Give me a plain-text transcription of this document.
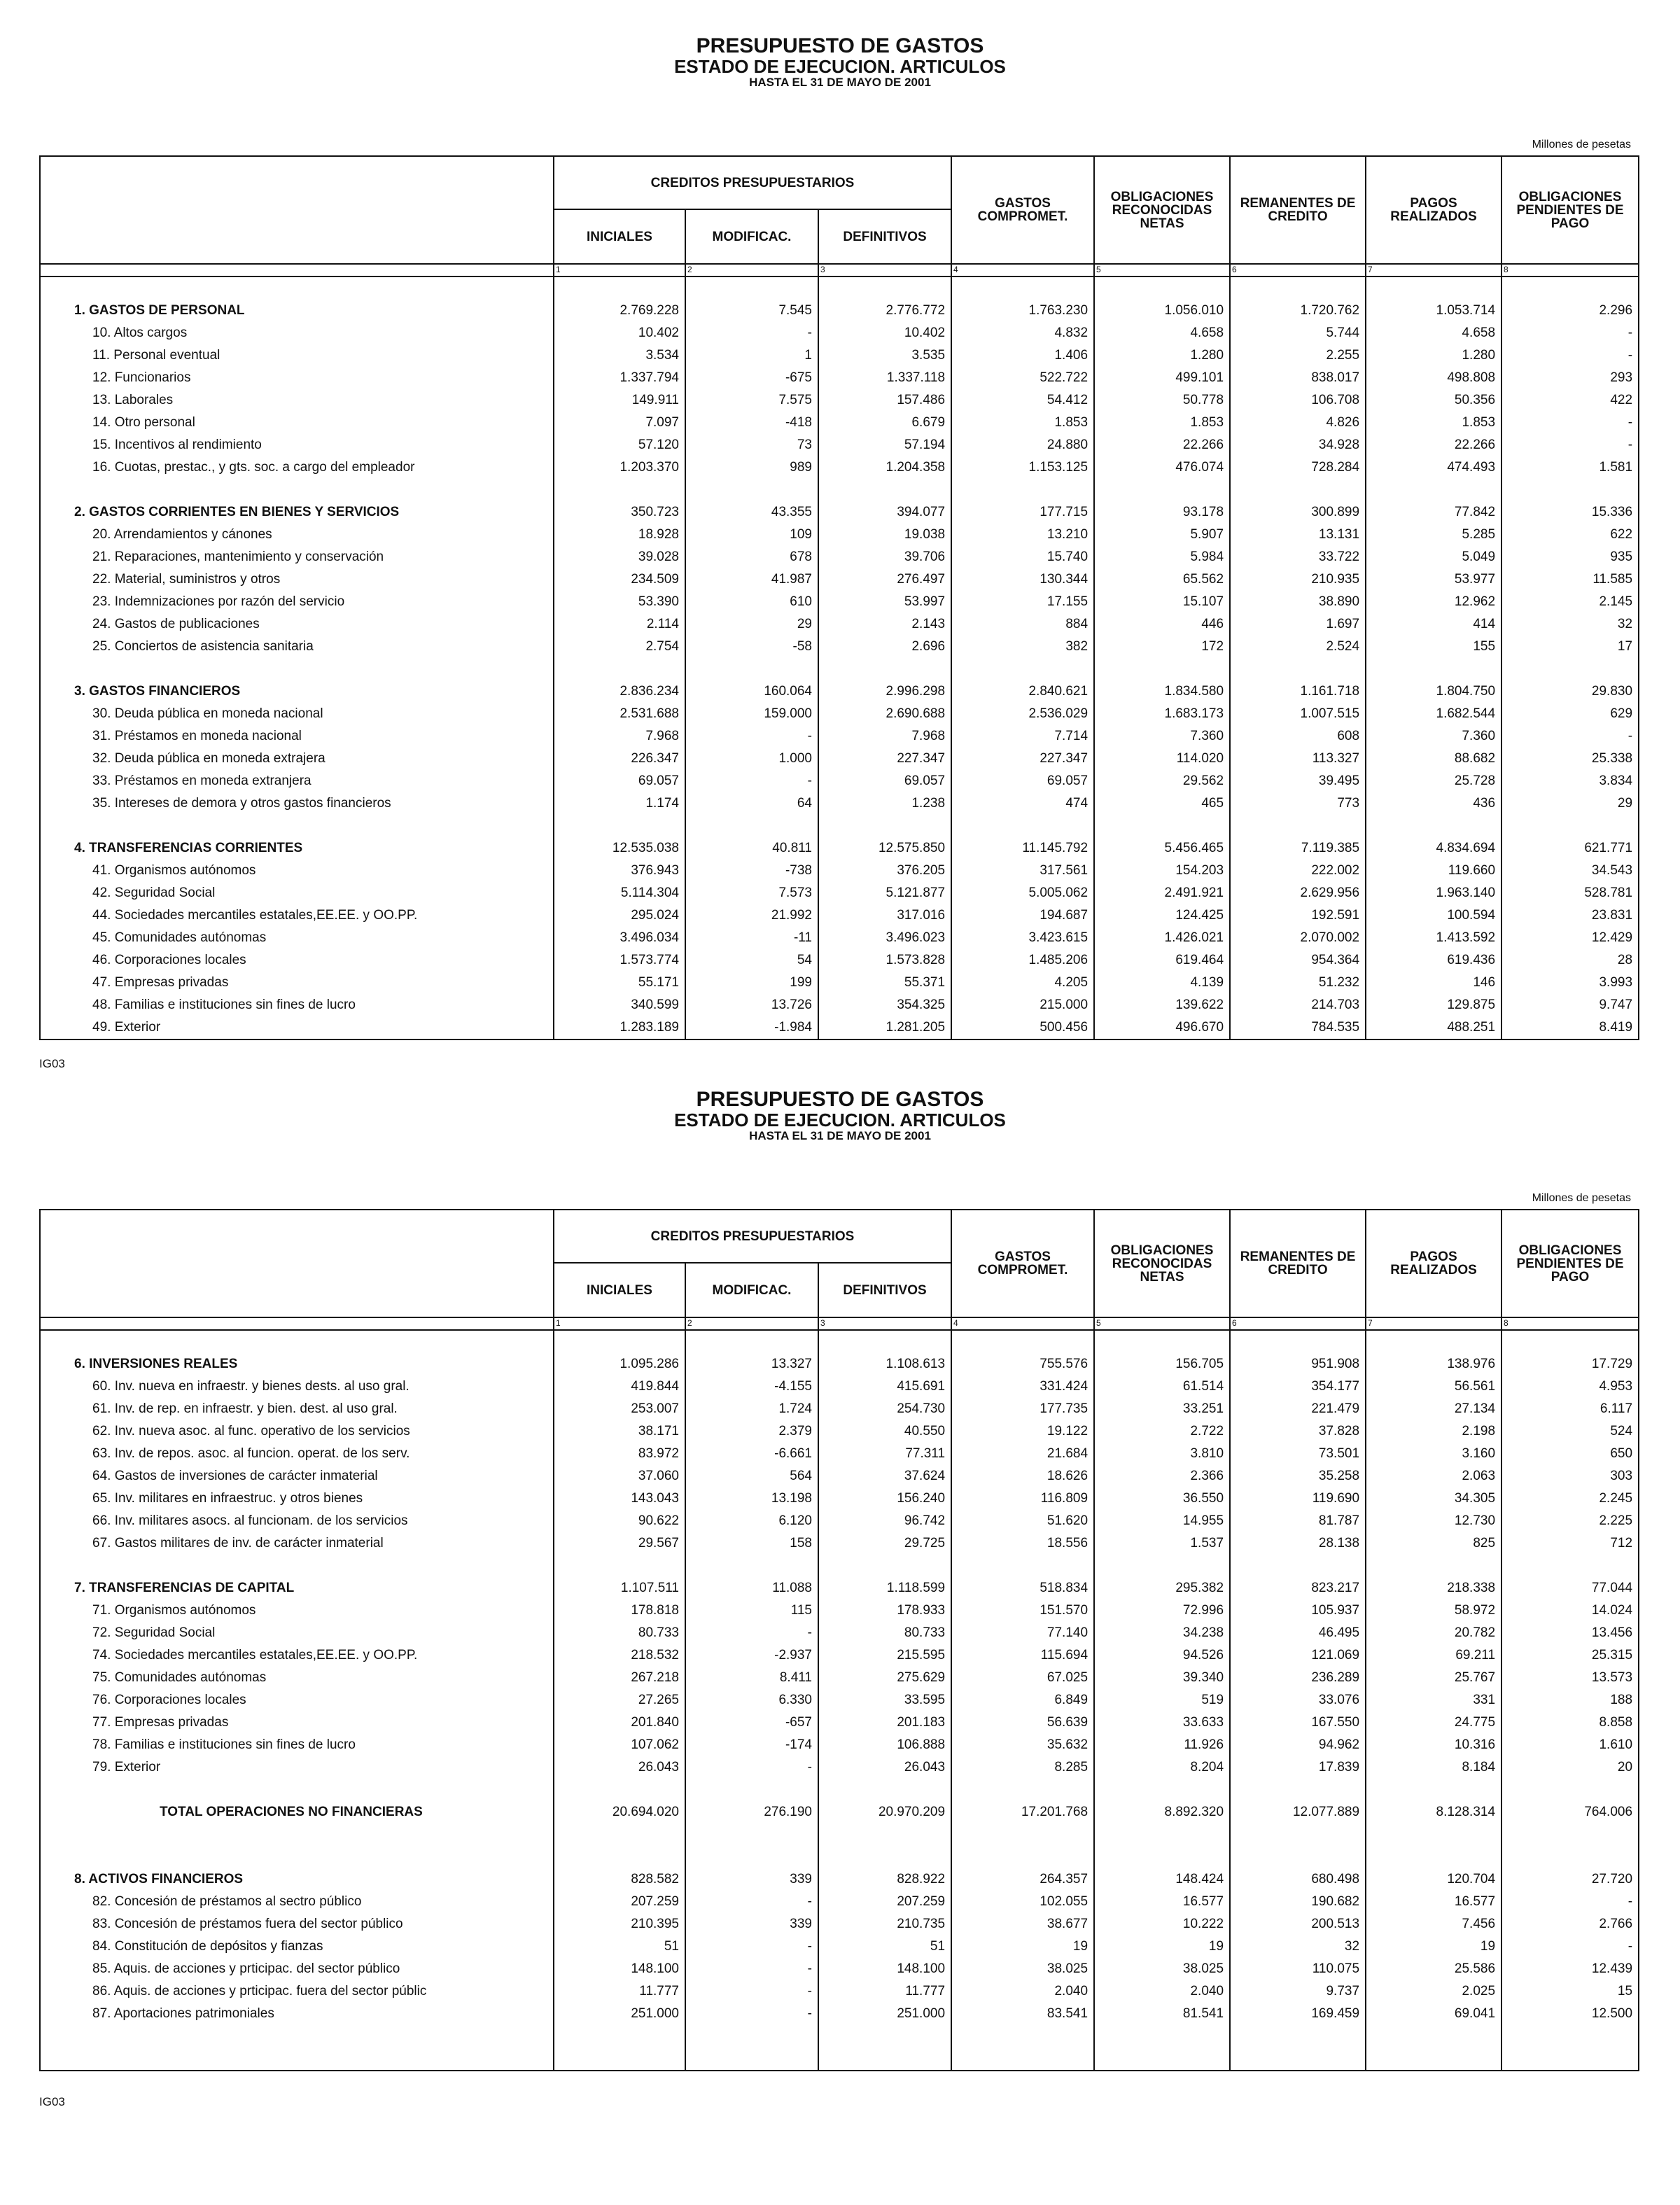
PRESUPUESTO DE GASTOS
ESTADO DE EJECUCION. ARTICULOS
HASTA EL 31 DE MAYO DE 2001
Millones de pesetas
	CREDITOS PRESUPUESTARIOS			GASTOS COMPROMET.	OBLIGACIONES RECONOCIDAS NETAS	REMANENTES DE CREDITO	PAGOS REALIZADOS	OBLIGACIONES PENDIENTES DE PAGO
	INICIALES	MODIFICAC.	DEFINITIVOS					
	1	2	3	4	5	6	7	8

1. GASTOS DE PERSONAL	2.769.228	7.545	2.776.772	1.763.230	1.056.010	1.720.762	1.053.714	2.296
10. Altos cargos	10.402	-	10.402	4.832	4.658	5.744	4.658	-
11. Personal eventual	3.534	1	3.535	1.406	1.280	2.255	1.280	-
12. Funcionarios	1.337.794	-675	1.337.118	522.722	499.101	838.017	498.808	293
13. Laborales	149.911	7.575	157.486	54.412	50.778	106.708	50.356	422
14. Otro personal	7.097	-418	6.679	1.853	1.853	4.826	1.853	-
15. Incentivos al rendimiento	57.120	73	57.194	24.880	22.266	34.928	22.266	-
16. Cuotas, prestac., y gts. soc. a cargo del empleador	1.203.370	989	1.204.358	1.153.125	476.074	728.284	474.493	1.581

2. GASTOS CORRIENTES EN BIENES Y SERVICIOS	350.723	43.355	394.077	177.715	93.178	300.899	77.842	15.336
20. Arrendamientos y cánones	18.928	109	19.038	13.210	5.907	13.131	5.285	622
21. Reparaciones, mantenimiento y conservación	39.028	678	39.706	15.740	5.984	33.722	5.049	935
22. Material, suministros y otros	234.509	41.987	276.497	130.344	65.562	210.935	53.977	11.585
23. Indemnizaciones por razón del servicio	53.390	610	53.997	17.155	15.107	38.890	12.962	2.145
24. Gastos de publicaciones	2.114	29	2.143	884	446	1.697	414	32
25. Conciertos de asistencia sanitaria	2.754	-58	2.696	382	172	2.524	155	17

3. GASTOS FINANCIEROS	2.836.234	160.064	2.996.298	2.840.621	1.834.580	1.161.718	1.804.750	29.830
30. Deuda pública en moneda nacional	2.531.688	159.000	2.690.688	2.536.029	1.683.173	1.007.515	1.682.544	629
31. Préstamos en moneda nacional	7.968	-	7.968	7.714	7.360	608	7.360	-
32. Deuda pública en moneda extrajera	226.347	1.000	227.347	227.347	114.020	113.327	88.682	25.338
33. Préstamos en moneda extranjera	69.057	-	69.057	69.057	29.562	39.495	25.728	3.834
35. Intereses de demora y otros gastos financieros	1.174	64	1.238	474	465	773	436	29

4. TRANSFERENCIAS CORRIENTES	12.535.038	40.811	12.575.850	11.145.792	5.456.465	7.119.385	4.834.694	621.771
41. Organismos autónomos	376.943	-738	376.205	317.561	154.203	222.002	119.660	34.543
42. Seguridad Social	5.114.304	7.573	5.121.877	5.005.062	2.491.921	2.629.956	1.963.140	528.781
44. Sociedades mercantiles estatales,EE.EE. y OO.PP.	295.024	21.992	317.016	194.687	124.425	192.591	100.594	23.831
45. Comunidades autónomas	3.496.034	-11	3.496.023	3.423.615	1.426.021	2.070.002	1.413.592	12.429
46. Corporaciones locales	1.573.774	54	1.573.828	1.485.206	619.464	954.364	619.436	28
47. Empresas privadas	55.171	199	55.371	4.205	4.139	51.232	146	3.993
48. Familias e instituciones sin fines de lucro	340.599	13.726	354.325	215.000	139.622	214.703	129.875	9.747
49. Exterior	1.283.189	-1.984	1.281.205	500.456	496.670	784.535	488.251	8.419
IG03
PRESUPUESTO DE GASTOS
ESTADO DE EJECUCION. ARTICULOS
HASTA EL 31 DE MAYO DE 2001
Millones de pesetas
	CREDITOS PRESUPUESTARIOS			GASTOS COMPROMET.	OBLIGACIONES RECONOCIDAS NETAS	REMANENTES DE CREDITO	PAGOS REALIZADOS	OBLIGACIONES PENDIENTES DE PAGO
	INICIALES	MODIFICAC.	DEFINITIVOS					
	1	2	3	4	5	6	7	8

6. INVERSIONES REALES	1.095.286	13.327	1.108.613	755.576	156.705	951.908	138.976	17.729
60. Inv. nueva en infraestr. y bienes dests. al uso gral.	419.844	-4.155	415.691	331.424	61.514	354.177	56.561	4.953
61. Inv. de rep. en infraestr. y bien. dest. al uso gral.	253.007	1.724	254.730	177.735	33.251	221.479	27.134	6.117
62. Inv. nueva asoc. al func. operativo de los servicios	38.171	2.379	40.550	19.122	2.722	37.828	2.198	524
63. Inv. de repos. asoc. al funcion. operat. de los serv.	83.972	-6.661	77.311	21.684	3.810	73.501	3.160	650
64. Gastos de inversiones de carácter inmaterial	37.060	564	37.624	18.626	2.366	35.258	2.063	303
65. Inv. militares en infraestruc. y otros bienes	143.043	13.198	156.240	116.809	36.550	119.690	34.305	2.245
66. Inv. militares asocs. al funcionam. de los servicios	90.622	6.120	96.742	51.620	14.955	81.787	12.730	2.225
67. Gastos militares de inv. de carácter inmaterial	29.567	158	29.725	18.556	1.537	28.138	825	712

7. TRANSFERENCIAS DE CAPITAL	1.107.511	11.088	1.118.599	518.834	295.382	823.217	218.338	77.044
71. Organismos autónomos	178.818	115	178.933	151.570	72.996	105.937	58.972	14.024
72. Seguridad Social	80.733	-	80.733	77.140	34.238	46.495	20.782	13.456
74. Sociedades mercantiles estatales,EE.EE. y OO.PP.	218.532	-2.937	215.595	115.694	94.526	121.069	69.211	25.315
75. Comunidades autónomas	267.218	8.411	275.629	67.025	39.340	236.289	25.767	13.573
76. Corporaciones locales	27.265	6.330	33.595	6.849	519	33.076	331	188
77. Empresas privadas	201.840	-657	201.183	56.639	33.633	167.550	24.775	8.858
78. Familias e instituciones sin fines de lucro	107.062	-174	106.888	35.632	11.926	94.962	10.316	1.610
79. Exterior	26.043	-	26.043	8.285	8.204	17.839	8.184	20

TOTAL OPERACIONES NO FINANCIERAS	20.694.020	276.190	20.970.209	17.201.768	8.892.320	12.077.889	8.128.314	764.006

8. ACTIVOS FINANCIEROS	828.582	339	828.922	264.357	148.424	680.498	120.704	27.720
82. Concesión de préstamos al sectro público	207.259	-	207.259	102.055	16.577	190.682	16.577	-
83. Concesión de préstamos fuera del sector público	210.395	339	210.735	38.677	10.222	200.513	7.456	2.766
84. Constitución de depósitos y fianzas	51	-	51	19	19	32	19	-
85. Aquis. de acciones y prticipac. del sector público	148.100	-	148.100	38.025	38.025	110.075	25.586	12.439
86. Aquis. de acciones y prticipac. fuera del sector públic	11.777	-	11.777	2.040	2.040	9.737	2.025	15
87. Aportaciones patrimoniales	251.000	-	251.000	83.541	81.541	169.459	69.041	12.500

IG03
